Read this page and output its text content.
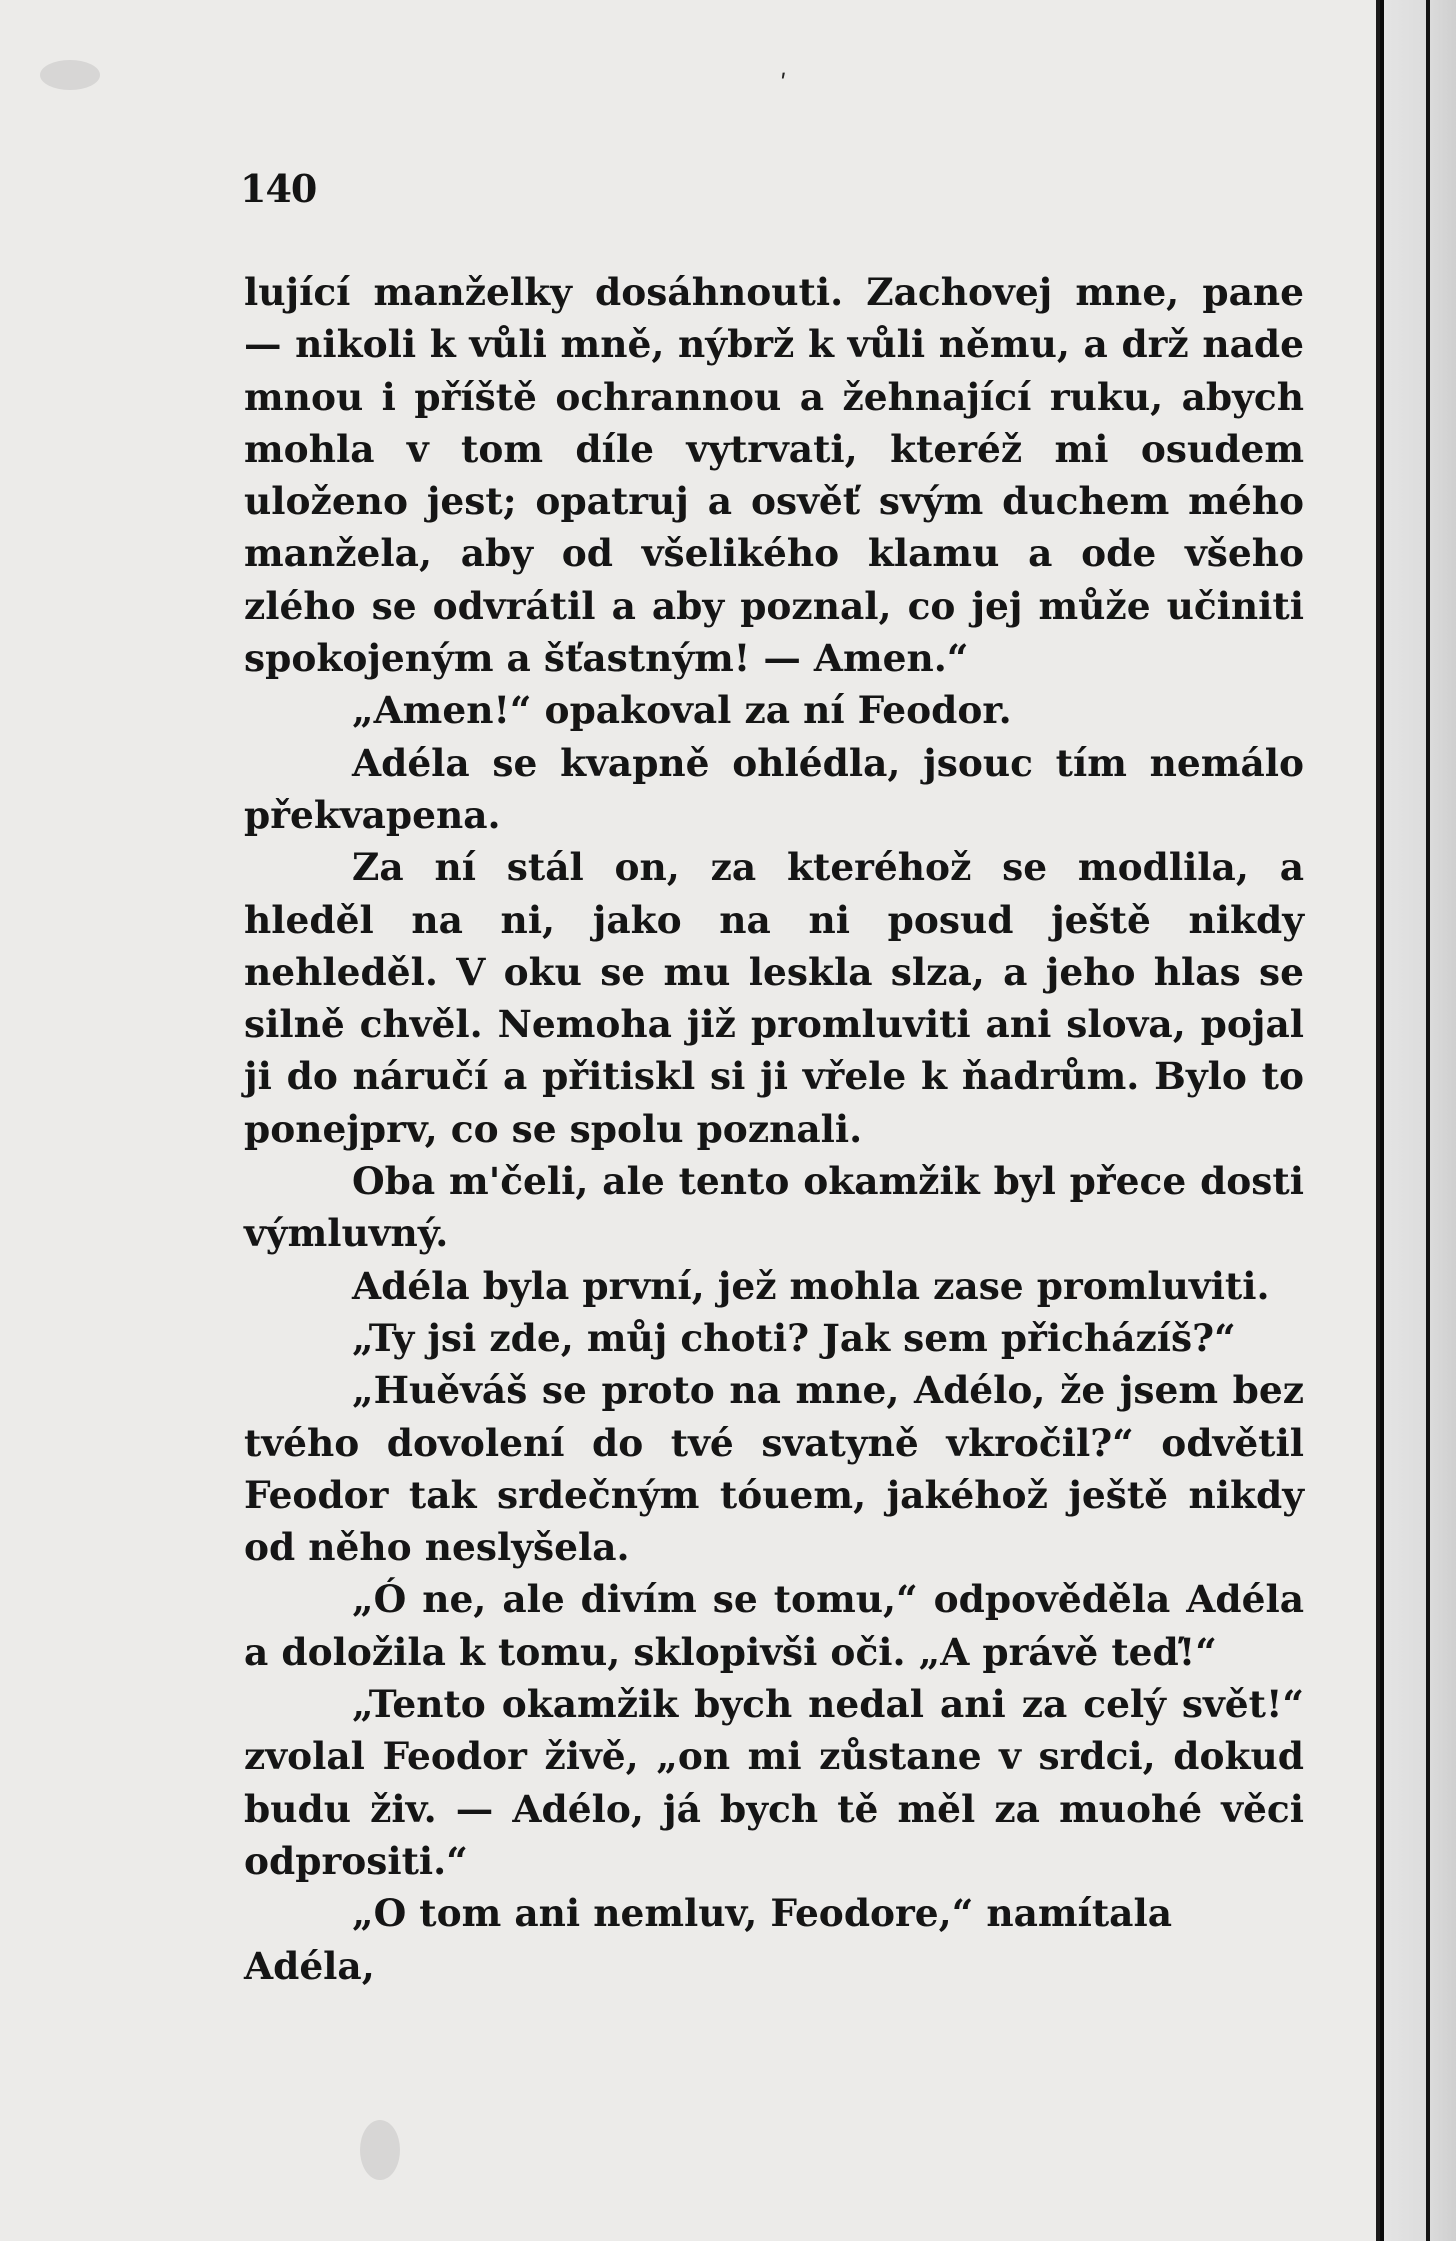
ʹ
140

lující manželky dosáhnouti. Zachovej mne, pane — nikoli k vůli mně, nýbrž k vůli němu, a drž nade mnou i příště ochrannou a žehnající ruku, abych mohla v tom díle vytrvati, kteréž mi osudem uloženo jest; opatruj a osvěť svým duchem mého manžela, aby od všelikého klamu a ode všeho zlého se odvrátil a aby poznal, co jej může učiniti spokojeným a šťastným! — Amen.“

„Amen!“ opakoval za ní Feodor.

Adéla se kvapně ohlédla, jsouc tím nemálo překvapena.

Za ní stál on, za kteréhož se modlila, a hleděl na ni, jako na ni posud ještě nikdy nehleděl. V oku se mu leskla slza, a jeho hlas se silně chvěl. Nemoha již promluviti ani slova, pojal ji do náručí a přitiskl si ji vřele k ňadrům. Bylo to ponejprv, co se spolu poznali.

Oba m'čeli, ale tento okamžik byl přece dosti výmluvný.

Adéla byla první, jež mohla zase promluviti.

„Ty jsi zde, můj choti? Jak sem přicházíš?“

„Huěváš se proto na mne, Adélo, že jsem bez tvého dovolení do tvé svatyně vkročil?“ odvětil Feodor tak srdečným tóuem, jakéhož ještě nikdy od něho neslyšela.

„Ó ne, ale divím se tomu,“ odpověděla Adéla a doložila k tomu, sklopivši oči. „A právě teď!“

„Tento okamžik bych nedal ani za celý svět!“ zvolal Feodor živě, „on mi zůstane v srdci, dokud budu živ. — Adélo, já bych tě měl za muohé věci odprositi.“

„O tom ani nemluv, Feodore,“ namítala Adéla,
